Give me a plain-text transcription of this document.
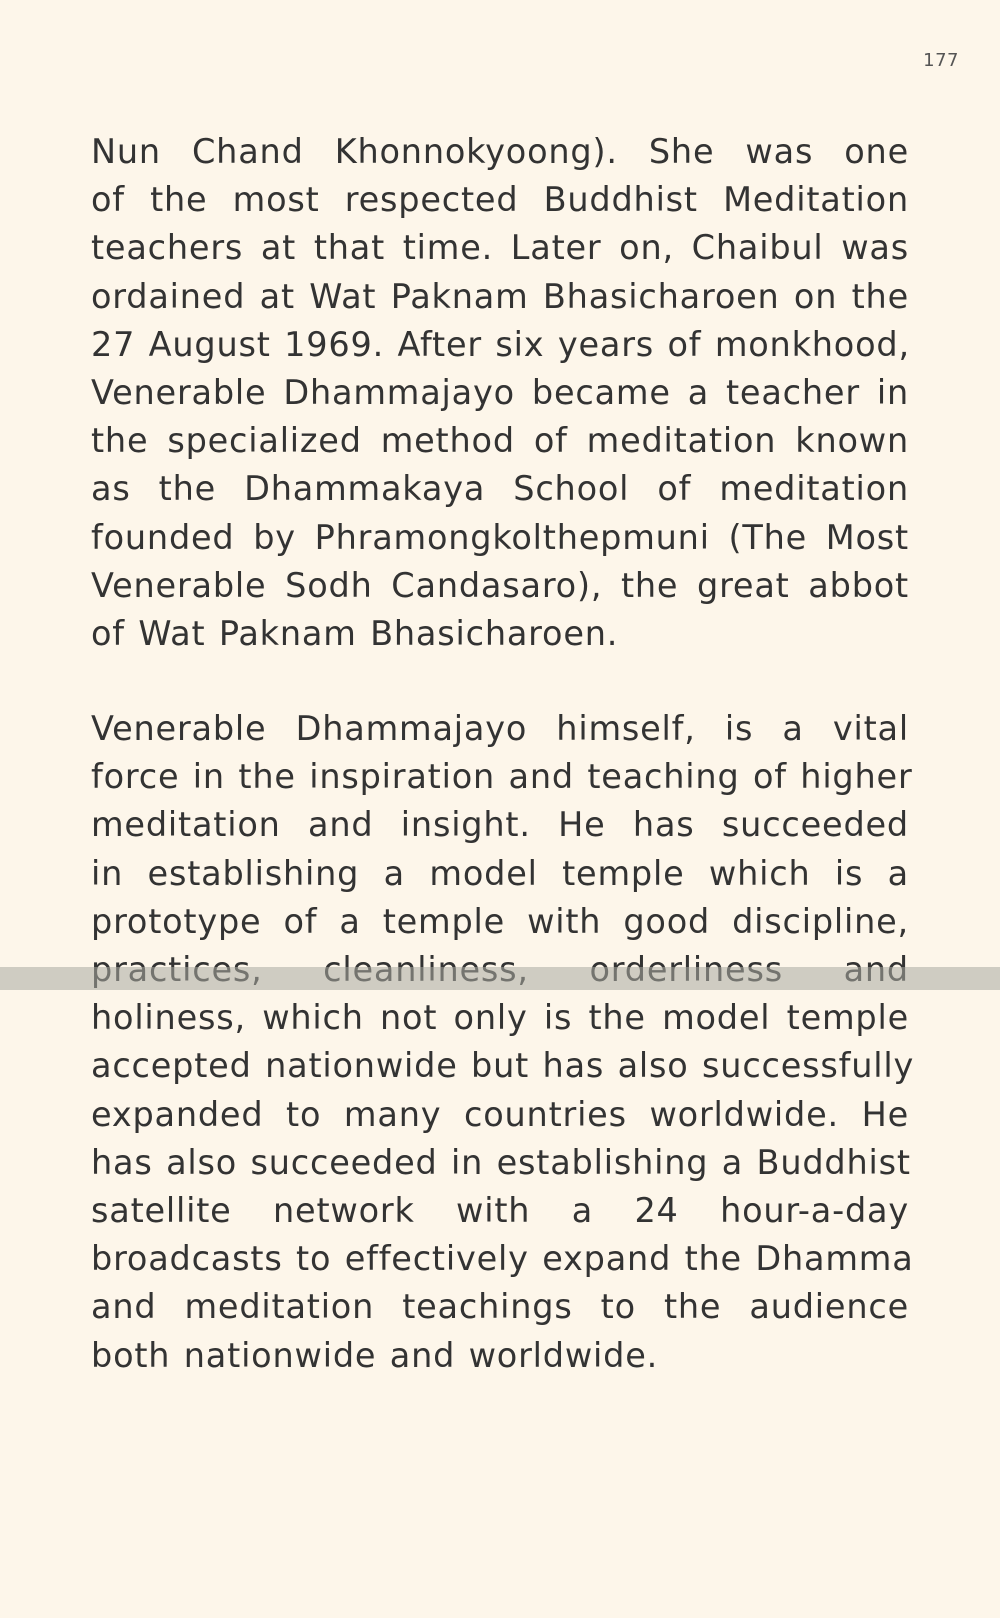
177
Nun Chand Khonnokyoong). She was one
of the most respected Buddhist Meditation
teachers at that time. Later on, Chaibul was
ordained at Wat Paknam Bhasicharoen on the
27 August 1969. After six years of monkhood,
Venerable Dhammajayo became a teacher in
the specialized method of meditation known
as the Dhammakaya School of meditation
founded by Phramongkolthepmuni (The Most
Venerable Sodh Candasaro), the great abbot
of Wat Paknam Bhasicharoen.
Venerable Dhammajayo himself, is a vital
force in the inspiration and teaching of higher
meditation and insight. He has succeeded
in establishing a model temple which is a
prototype of a temple with good discipline,
holiness, which not only is the model temple
accepted nationwide but has also successfully
expanded to many countries worldwide. He
has also succeeded in establishing a Buddhist
satellite network with a 24 hour-a-day
broadcasts to effectively expand the Dhamma
and meditation teachings to the audience
both nationwide and worldwide.
